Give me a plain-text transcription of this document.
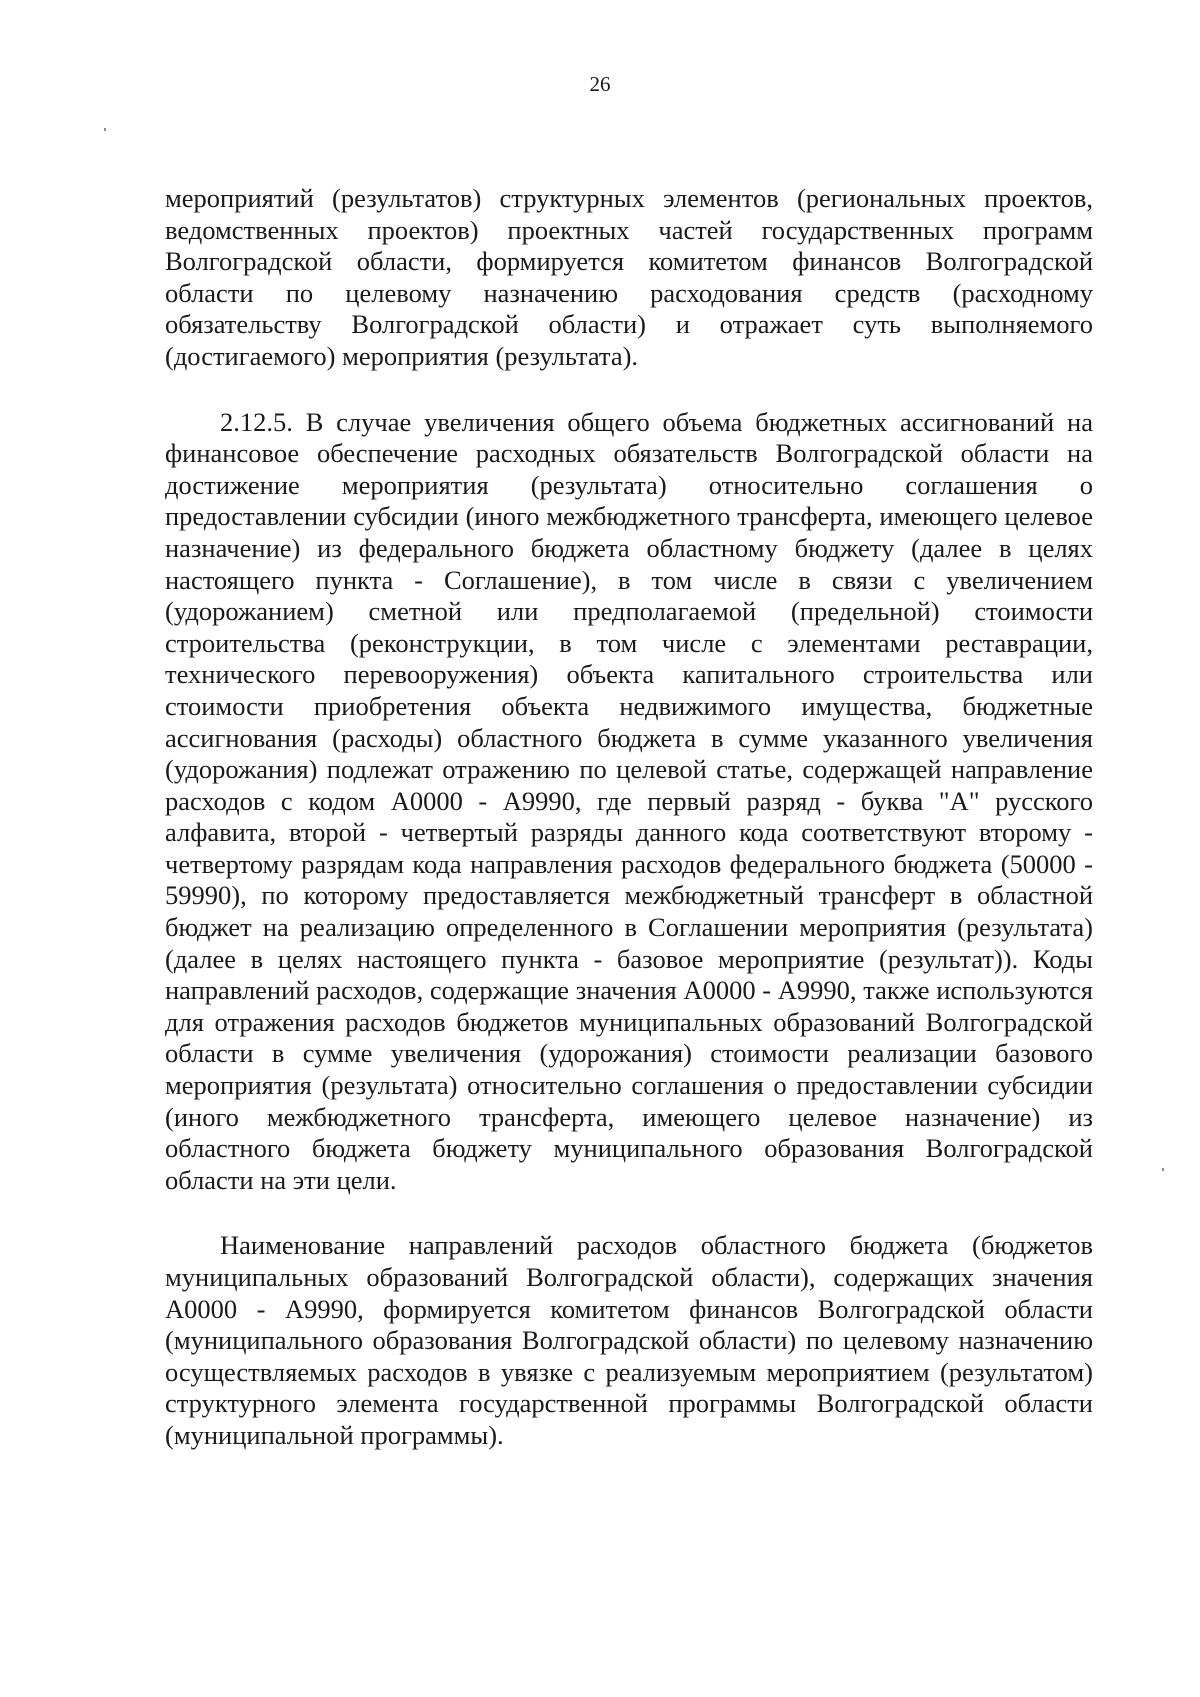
26

мероприятий (результатов) структурных элементов (региональных проектов, ведомственных проектов) проектных частей государственных программ Волгоградской области, формируется комитетом финансов Волгоградской области по целевому назначению расходования средств (расходному обязательству Волгоградской области) и отражает суть выполняемого (достигаемого) мероприятия (результата).

2.12.5. В случае увеличения общего объема бюджетных ассигнований на финансовое обеспечение расходных обязательств Волгоградской области на достижение мероприятия (результата) относительно соглашения о предоставлении субсидии (иного межбюджетного трансферта, имеющего целевое назначение) из федерального бюджета областному бюджету (далее в целях настоящего пункта - Соглашение), в том числе в связи с увеличением (удорожанием) сметной или предполагаемой (предельной) стоимости строительства (реконструкции, в том числе с элементами реставрации, технического перевооружения) объекта капитального строительства или стоимости приобретения объекта недвижимого имущества, бюджетные ассигнования (расходы) областного бюджета в сумме указанного увеличения (удорожания) подлежат отражению по целевой статье, содержащей направление расходов с кодом А0000 - А9990, где первый разряд - буква "А" русского алфавита, второй - четвертый разряды данного кода соответствуют второму - четвертому разрядам кода направления расходов федерального бюджета (50000 - 59990), по которому предоставляется межбюджетный трансферт в областной бюджет на реализацию определенного в Соглашении мероприятия (результата) (далее в целях настоящего пункта - базовое мероприятие (результат)). Коды направлений расходов, содержащие значения А0000 - А9990, также используются для отражения расходов бюджетов муниципальных образований Волгоградской области в сумме увеличения (удорожания) стоимости реализации базового мероприятия (результата) относительно соглашения о предоставлении субсидии (иного межбюджетного трансферта, имеющего целевое назначение) из областного бюджета бюджету муниципального образования Волгоградской области на эти цели.

Наименование направлений расходов областного бюджета (бюджетов муниципальных образований Волгоградской области), содержащих значения А0000 - А9990, формируется комитетом финансов Волгоградской области (муниципального образования Волгоградской области) по целевому назначению осуществляемых расходов в увязке с реализуемым мероприятием (результатом) структурного элемента государственной программы Волгоградской области (муниципальной программы).
